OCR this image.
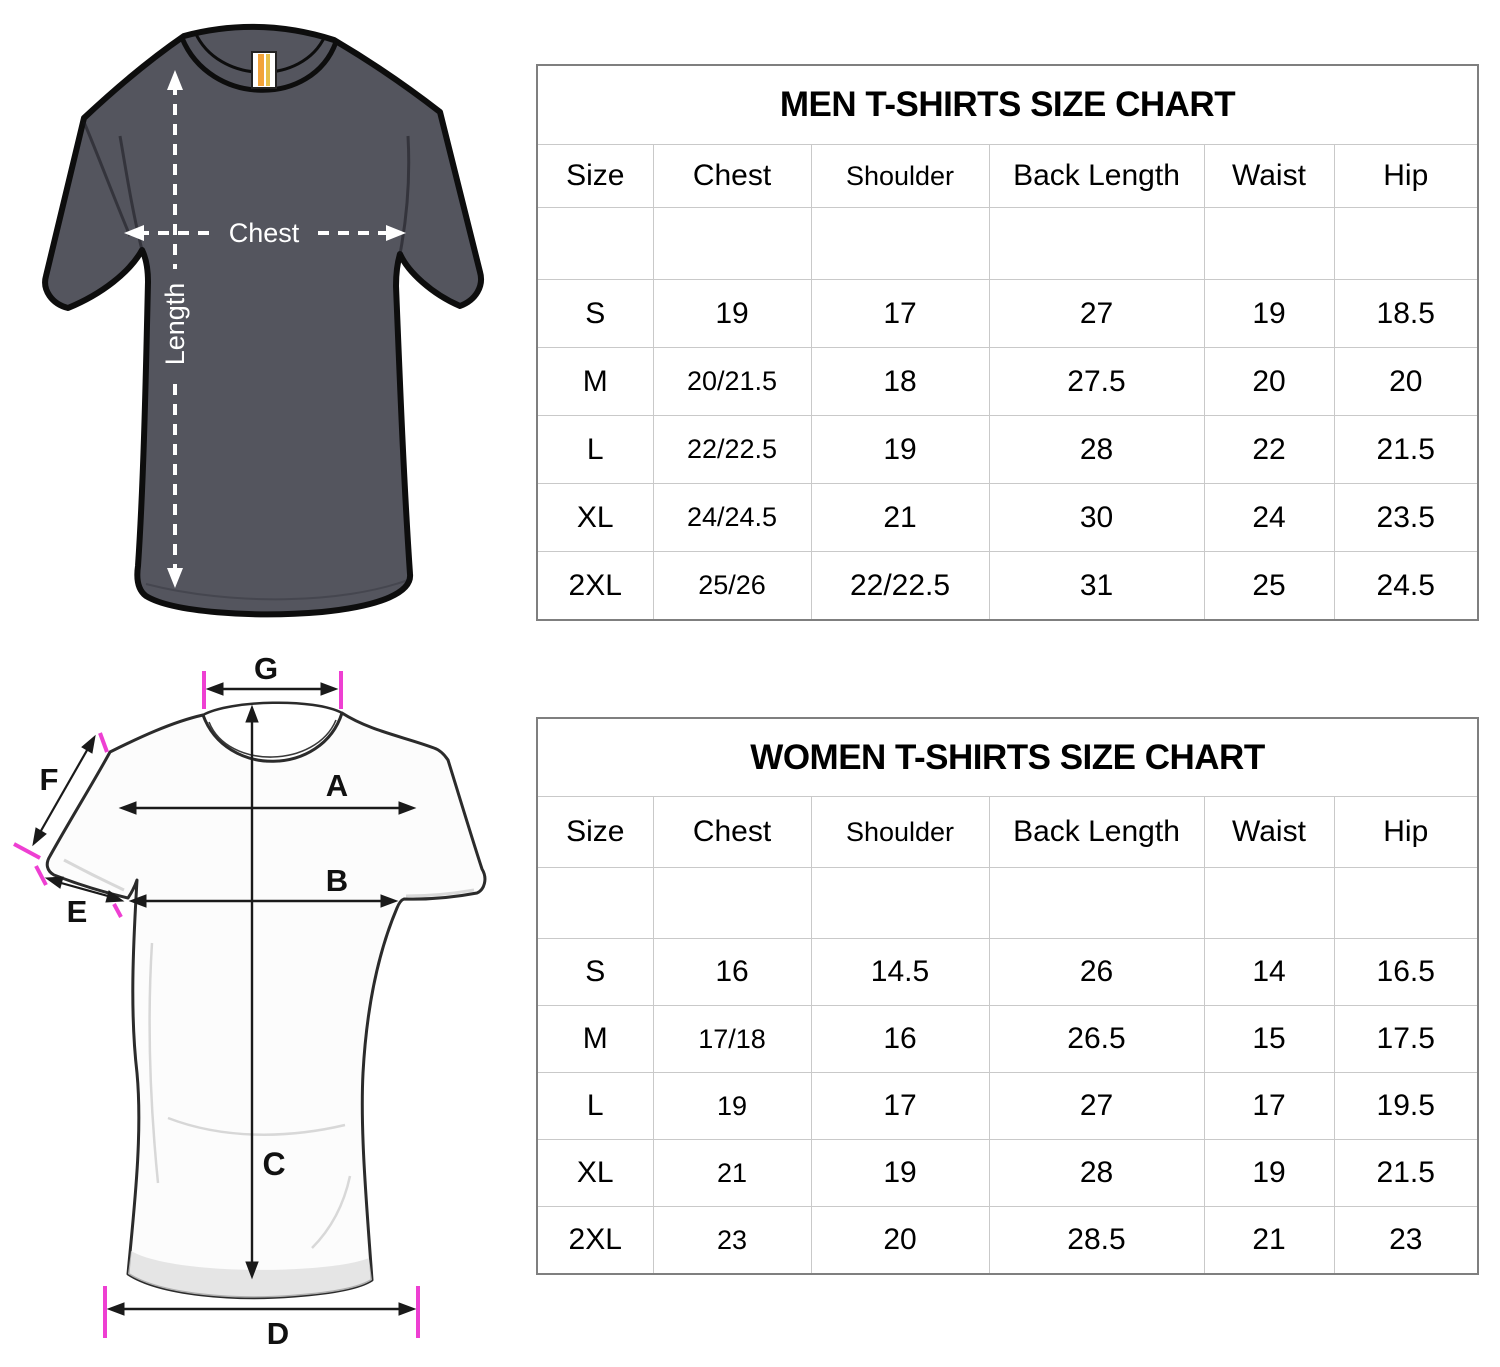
Chest
Length
G
A
B
C
D
E
F
MEN T-SHIRTS SIZE CHART					
Size	Chest	Shoulder	Back Length	Waist	Hip

S	19	17	27	19	18.5
M	20/21.5	18	27.5	20	20
L	22/22.5	19	28	22	21.5
XL	24/24.5	21	30	24	23.5
2XL	25/26	22/22.5	31	25	24.5
WOMEN T-SHIRTS SIZE CHART					
Size	Chest	Shoulder	Back Length	Waist	Hip

S	16	14.5	26	14	16.5
M	17/18	16	26.5	15	17.5
L	19	17	27	17	19.5
XL	21	19	28	19	21.5
2XL	23	20	28.5	21	23
